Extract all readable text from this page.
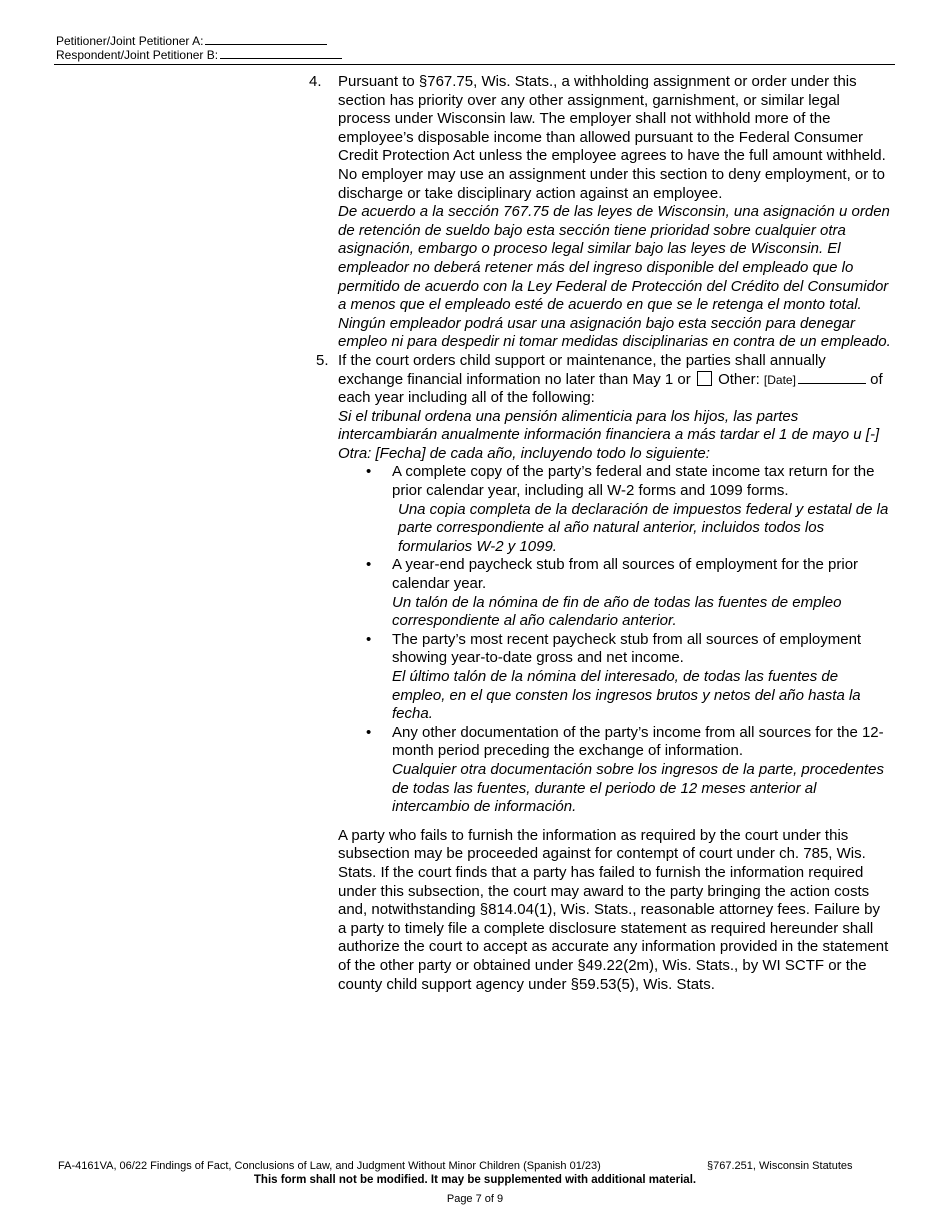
Petitioner/Joint Petitioner A:
Respondent/Joint Petitioner B:
4. Pursuant to §767.75, Wis. Stats., a withholding assignment or order under this section has priority over any other assignment, garnishment, or similar legal process under Wisconsin law. The employer shall not withhold more of the employee’s disposable income than allowed pursuant to the Federal Consumer Credit Protection Act unless the employee agrees to have the full amount withheld. No employer may use an assignment under this section to deny employment, or to discharge or take disciplinary action against an employee.
De acuerdo a la sección 767.75 de las leyes de Wisconsin, una asignación u orden de retención de sueldo bajo esta sección tiene prioridad sobre cualquier otra asignación, embargo o proceso legal similar bajo las leyes de Wisconsin. El empleador no deberá retener más del ingreso disponible del empleado que lo permitido de acuerdo con la Ley Federal de Protección del Crédito del Consumidor a menos que el empleado esté de acuerdo en que se le retenga el monto total. Ningún empleador podrá usar una asignación bajo esta sección para denegar empleo ni para despedir ni tomar medidas disciplinarias en contra de un empleado.
5. If the court orders child support or maintenance, the parties shall annually exchange financial information no later than May 1 or Other: [Date]	of each year including all of the following:
Si el tribunal ordena una pensión alimenticia para los hijos, las partes intercambiarán anualmente información financiera a más tardar el 1 de mayo u [-] Otra: [Fecha] de cada año, incluyendo todo lo siguiente:
• A complete copy of the party’s federal and state income tax return for the prior calendar year, including all W-2 forms and 1099 forms.
Una copia completa de la declaración de impuestos federal y estatal de la parte correspondiente al año natural anterior, incluidos todos los formularios W-2 y 1099.
• A year-end paycheck stub from all sources of employment for the prior calendar year.
Un talón de la nómina de fin de año de todas las fuentes de empleo correspondiente al año calendario anterior.
• The party’s most recent paycheck stub from all sources of employment showing year-to-date gross and net income.
El último talón de la nómina del interesado, de todas las fuentes de empleo, en el que consten los ingresos brutos y netos del año hasta la fecha.
• Any other documentation of the party’s income from all sources for the 12-month period preceding the exchange of information.
Cualquier otra documentación sobre los ingresos de la parte, procedentes de todas las fuentes, durante el periodo de 12 meses anterior al intercambio de información.
A party who fails to furnish the information as required by the court under this subsection may be proceeded against for contempt of court under ch. 785, Wis. Stats. If the court finds that a party has failed to furnish the information required under this subsection, the court may award to the party bringing the action costs and, notwithstanding §814.04(1), Wis. Stats., reasonable attorney fees. Failure by a party to timely file a complete disclosure statement as required hereunder shall authorize the court to accept as accurate any information provided in the statement of the other party or obtained under §49.22(2m), Wis. Stats., by WI SCTF or the county child support agency under §59.53(5), Wis. Stats.
FA-4161VA, 06/22 Findings of Fact, Conclusions of Law, and Judgment Without Minor Children (Spanish 01/23)	§767.251, Wisconsin Statutes
This form shall not be modified. It may be supplemented with additional material.
Page 7 of 9
